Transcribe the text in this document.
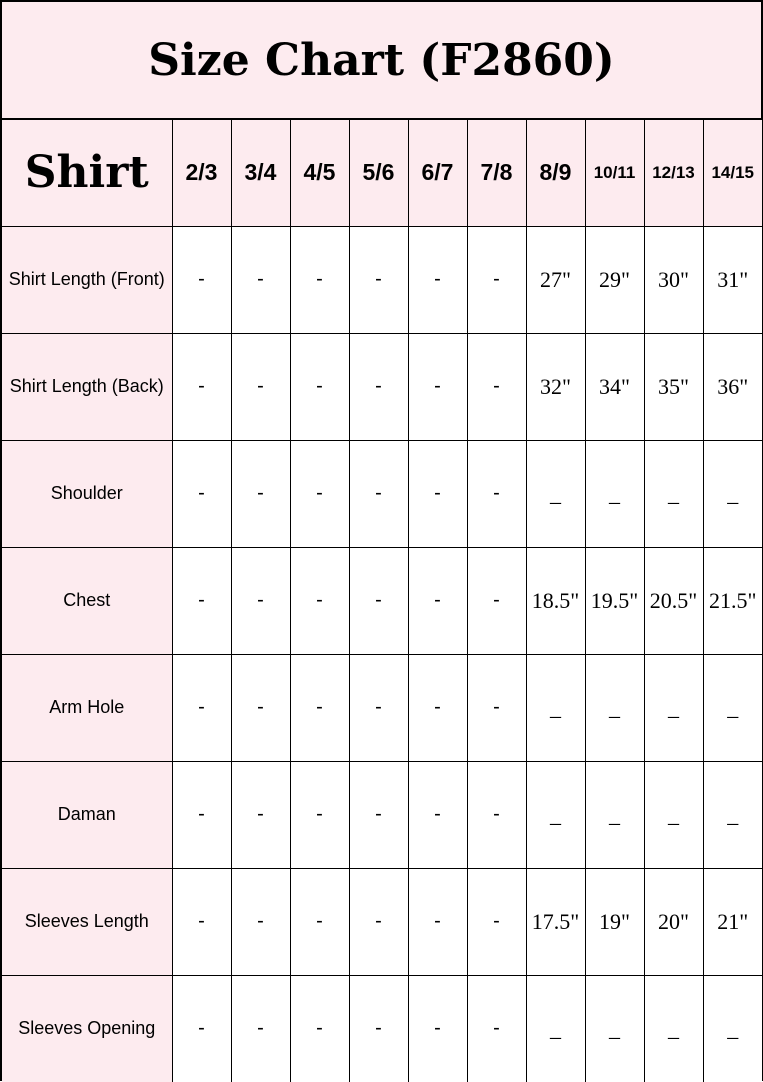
Size Chart (F2860)
Shirt	2/3	3/4	4/5	5/6	6/7	7/8	8/9	10/11	12/13	14/15
Shirt Length (Front)	-	-	-	-	-	-	27"	29"	30"	31"
Shirt Length (Back)	-	-	-	-	-	-	32"	34"	35"	36"
Shoulder	-	-	-	-	-	-	_	_	_	_
Chest	-	-	-	-	-	-	18.5"	19.5"	20.5"	21.5"
Arm Hole	-	-	-	-	-	-	_	_	_	_
Daman	-	-	-	-	-	-	_	_	_	_
Sleeves Length	-	-	-	-	-	-	17.5"	19"	20"	21"
Sleeves Opening	-	-	-	-	-	-	_	_	_	_
